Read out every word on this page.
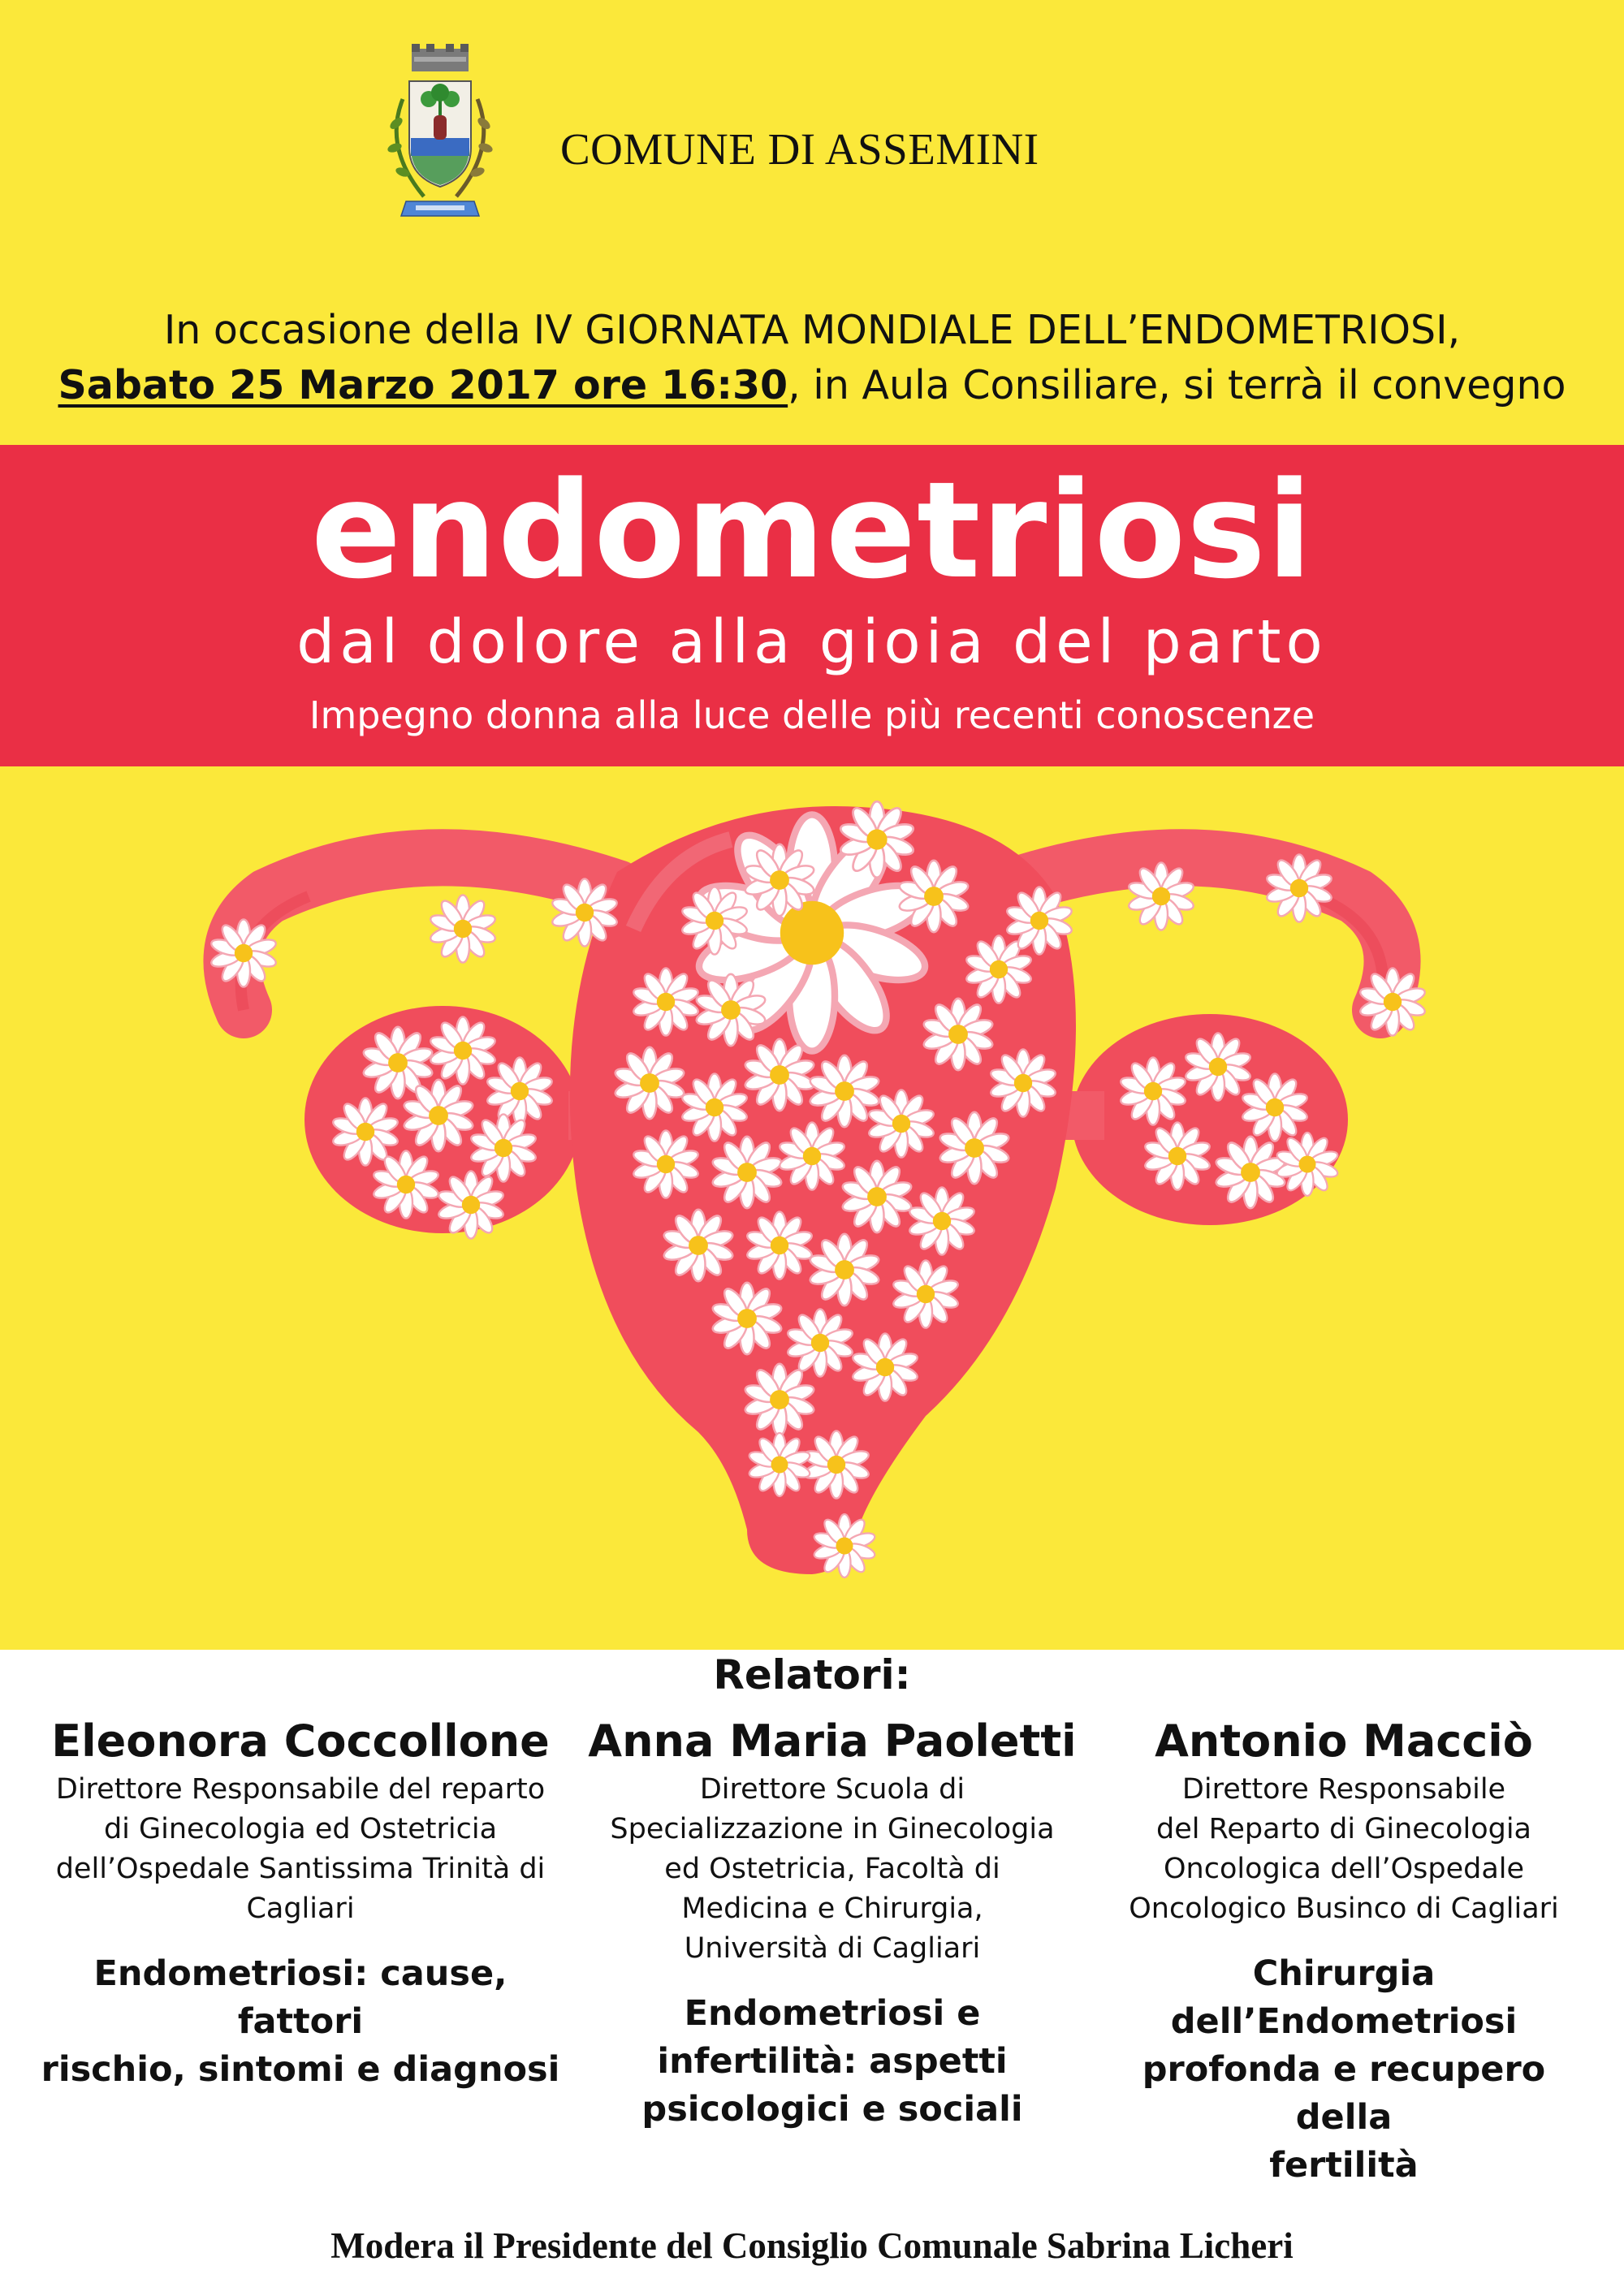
COMUNE DI ASSEMINI
In occasione della IV GIORNATA MONDIALE DELL’ENDOMETRIOSI,
Sabato 25 Marzo 2017 ore 16:30, in Aula Consiliare, si terrà il convegno
endometriosi
dal dolore alla gioia del parto
Impegno donna alla luce delle più recenti conoscenze
Relatori:
Eleonora Coccollone
Direttore Responsabile del reparto
di Ginecologia ed Ostetricia
dell’Ospedale Santissima Trinità di
Cagliari
Endometriosi: cause, fattori
rischio, sintomi e diagnosi
Anna Maria Paoletti
Direttore Scuola di
Specializzazione in Ginecologia
ed Ostetricia, Facoltà di
Medicina e Chirurgia,
Università di Cagliari
Endometriosi e
infertilità: aspetti
psicologici e sociali
Antonio Macciò
Direttore Responsabile
del Reparto di Ginecologia
Oncologica dell’Ospedale
Oncologico Businco di Cagliari
Chirurgia
dell’Endometriosi
profonda e recupero della
fertilità
Modera il Presidente del Consiglio Comunale Sabrina Licheri
